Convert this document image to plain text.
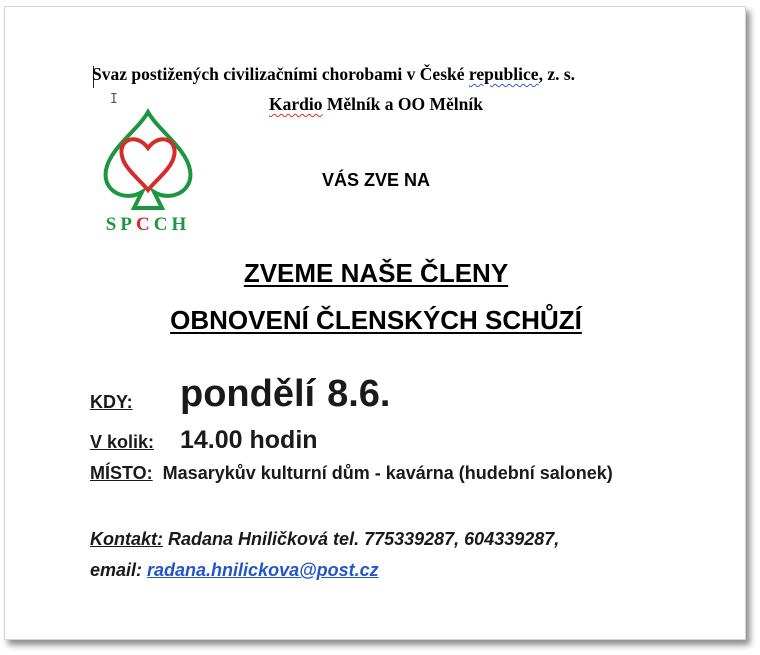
I
Svaz postižených civilizačními chorobami v České republice, z. s.
Kardio Mělník a OO Mělník
SPCCH
VÁS ZVE NA
ZVEME NAŠE ČLENY
OBNOVENÍ ČLENSKÝCH SCHŮZÍ
KDY: pondělí 8.6.
V kolik: 14.00 hodin
MÍSTO: Masarykův kulturní dům - kavárna (hudební salonek)
Kontakt: Radana Hniličková tel. 775339287, 604339287,
email: radana.hnilickova@post.cz
